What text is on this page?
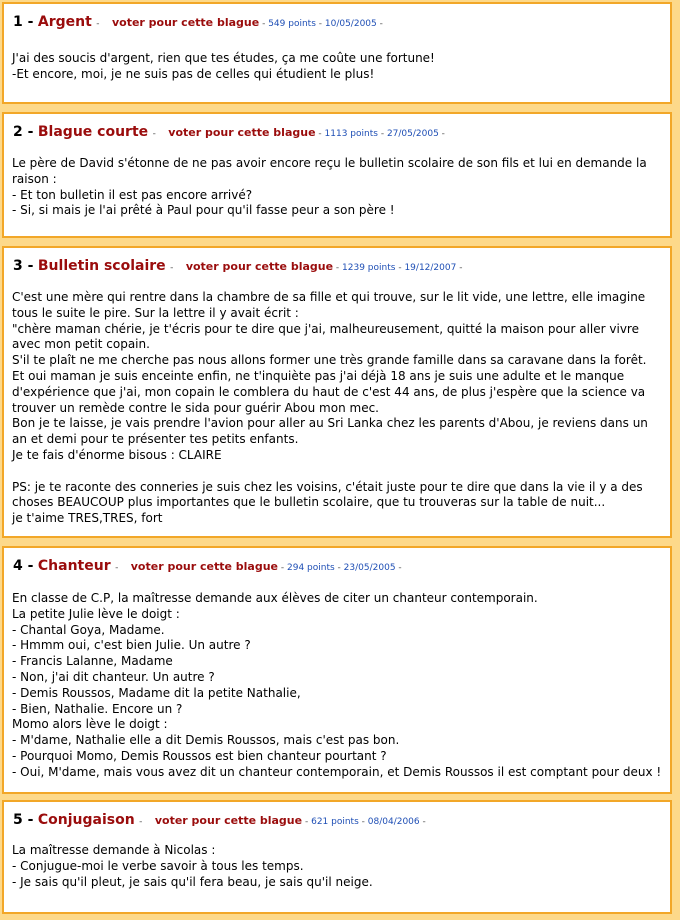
1 - Argent - voter pour cette blague - 549 points - 10/05/2005 -

J'ai des soucis d'argent, rien que tes études, ça me coûte une fortune!

-Et encore, moi, je ne suis pas de celles qui étudient le plus!

2 - Blague courte - voter pour cette blague - 1113 points - 27/05/2005 -

Le père de David s'étonne de ne pas avoir encore reçu le bulletin scolaire de son fils et lui en demande la

raison :

- Et ton bulletin il est pas encore arrivé?

- Si, si mais je l'ai prêté à Paul pour qu'il fasse peur a son père !

3 - Bulletin scolaire - voter pour cette blague - 1239 points - 19/12/2007 -

C'est une mère qui rentre dans la chambre de sa fille et qui trouve, sur le lit vide, une lettre, elle imagine

tous le suite le pire. Sur la lettre il y avait écrit :

"chère maman chérie, je t'écris pour te dire que j'ai, malheureusement, quitté la maison pour aller vivre

avec mon petit copain.

S'il te plaît ne me cherche pas nous allons former une très grande famille dans sa caravane dans la forêt.

Et oui maman je suis enceinte enfin, ne t'inquiète pas j'ai déjà 18 ans je suis une adulte et le manque

d'expérience que j'ai, mon copain le comblera du haut de c'est 44 ans, de plus j'espère que la science va

trouver un remède contre le sida pour guérir Abou mon mec.

Bon je te laisse, je vais prendre l'avion pour aller au Sri Lanka chez les parents d'Abou, je reviens dans un

an et demi pour te présenter tes petits enfants.

Je te fais d'énorme bisous : CLAIRE

PS: je te raconte des conneries je suis chez les voisins, c'était juste pour te dire que dans la vie il y a des

choses BEAUCOUP plus importantes que le bulletin scolaire, que tu trouveras sur la table de nuit...

je t'aime TRES,TRES, fort

4 - Chanteur - voter pour cette blague - 294 points - 23/05/2005 -

En classe de C.P, la maîtresse demande aux élèves de citer un chanteur contemporain.

La petite Julie lève le doigt :

- Chantal Goya, Madame.

- Hmmm oui, c'est bien Julie. Un autre ?

- Francis Lalanne, Madame

- Non, j'ai dit chanteur. Un autre ?

- Demis Roussos, Madame dit la petite Nathalie,

- Bien, Nathalie. Encore un ?

Momo alors lève le doigt :

- M'dame, Nathalie elle a dit Demis Roussos, mais c'est pas bon.

- Pourquoi Momo, Demis Roussos est bien chanteur pourtant ?

- Oui, M'dame, mais vous avez dit un chanteur contemporain, et Demis Roussos il est comptant pour deux !

5 - Conjugaison - voter pour cette blague - 621 points - 08/04/2006 -

La maîtresse demande à Nicolas :

- Conjugue-moi le verbe savoir à tous les temps.

- Je sais qu'il pleut, je sais qu'il fera beau, je sais qu'il neige.
